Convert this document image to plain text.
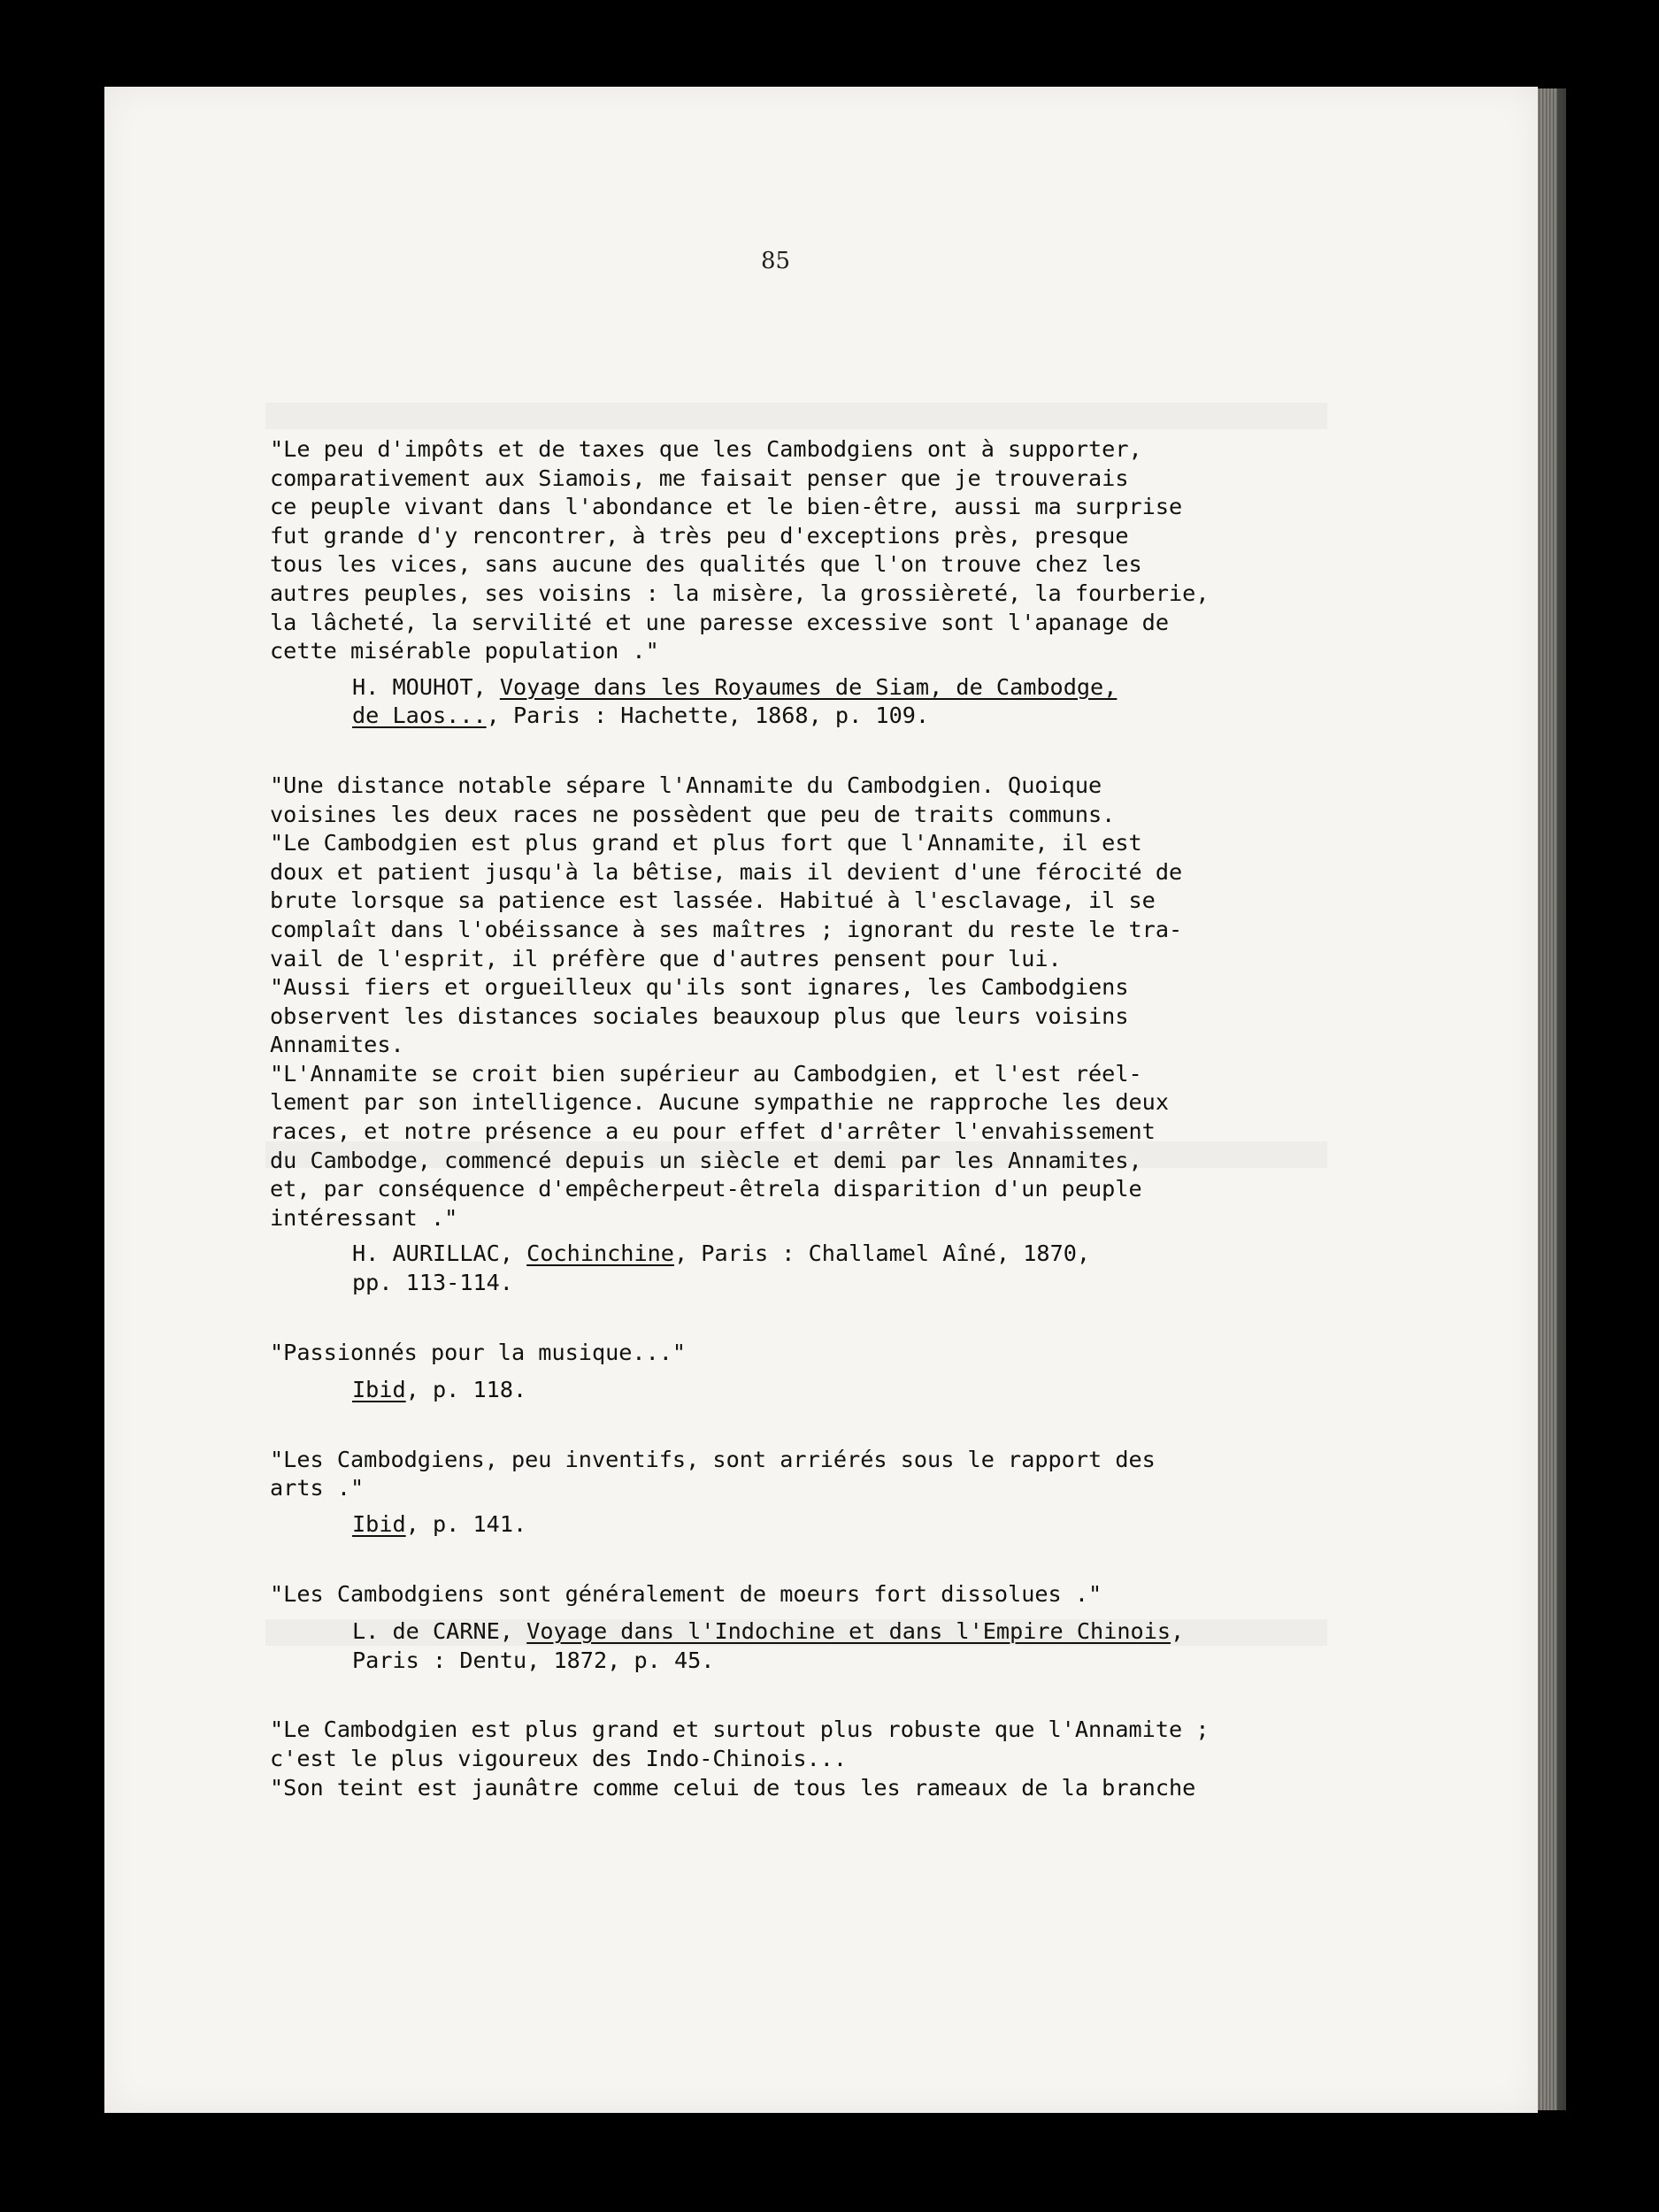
85
"Le peu d'impôts et de taxes que les Cambodgiens ont à supporter,
comparativement aux Siamois, me faisait penser que je trouverais
ce peuple vivant dans l'abondance et le bien-être, aussi ma surprise
fut grande d'y rencontrer, à très peu d'exceptions près, presque
tous les vices, sans aucune des qualités que l'on trouve chez les
autres peuples, ses voisins : la misère, la grossièreté, la fourberie,
la lâcheté, la servilité et une paresse excessive sont l'apanage de
cette misérable population ."
H. MOUHOT, Voyage dans les Royaumes de Siam, de Cambodge,
de Laos..., Paris : Hachette, 1868, p. 109.
"Une distance notable sépare l'Annamite du Cambodgien. Quoique
voisines les deux races ne possèdent que peu de traits communs.
"Le Cambodgien est plus grand et plus fort que l'Annamite, il est
doux et patient jusqu'à la bêtise, mais il devient d'une férocité de
brute lorsque sa patience est lassée. Habitué à l'esclavage, il se
complaît dans l'obéissance à ses maîtres ; ignorant du reste le tra-
vail de l'esprit, il préfère que d'autres pensent pour lui.
"Aussi fiers et orgueilleux qu'ils sont ignares, les Cambodgiens
observent les distances sociales beauxoup plus que leurs voisins
Annamites.
"L'Annamite se croit bien supérieur au Cambodgien, et l'est réel-
lement par son intelligence. Aucune sympathie ne rapproche les deux
races, et notre présence a eu pour effet d'arrêter l'envahissement
du Cambodge, commencé depuis un siècle et demi par les Annamites,
et, par conséquence d'empêcherpeut-êtrela disparition d'un peuple
intéressant ."
H. AURILLAC, Cochinchine, Paris : Challamel Aîné, 1870,
pp. 113-114.
"Passionnés pour la musique..."
Ibid, p. 118.
"Les Cambodgiens, peu inventifs, sont arriérés sous le rapport des
arts ."
Ibid, p. 141.
"Les Cambodgiens sont généralement de moeurs fort dissolues ."
L. de CARNE, Voyage dans l'Indochine et dans l'Empire Chinois,
Paris : Dentu, 1872, p. 45.
"Le Cambodgien est plus grand et surtout plus robuste que l'Annamite ;
c'est le plus vigoureux des Indo-Chinois...
"Son teint est jaunâtre comme celui de tous les rameaux de la branche
